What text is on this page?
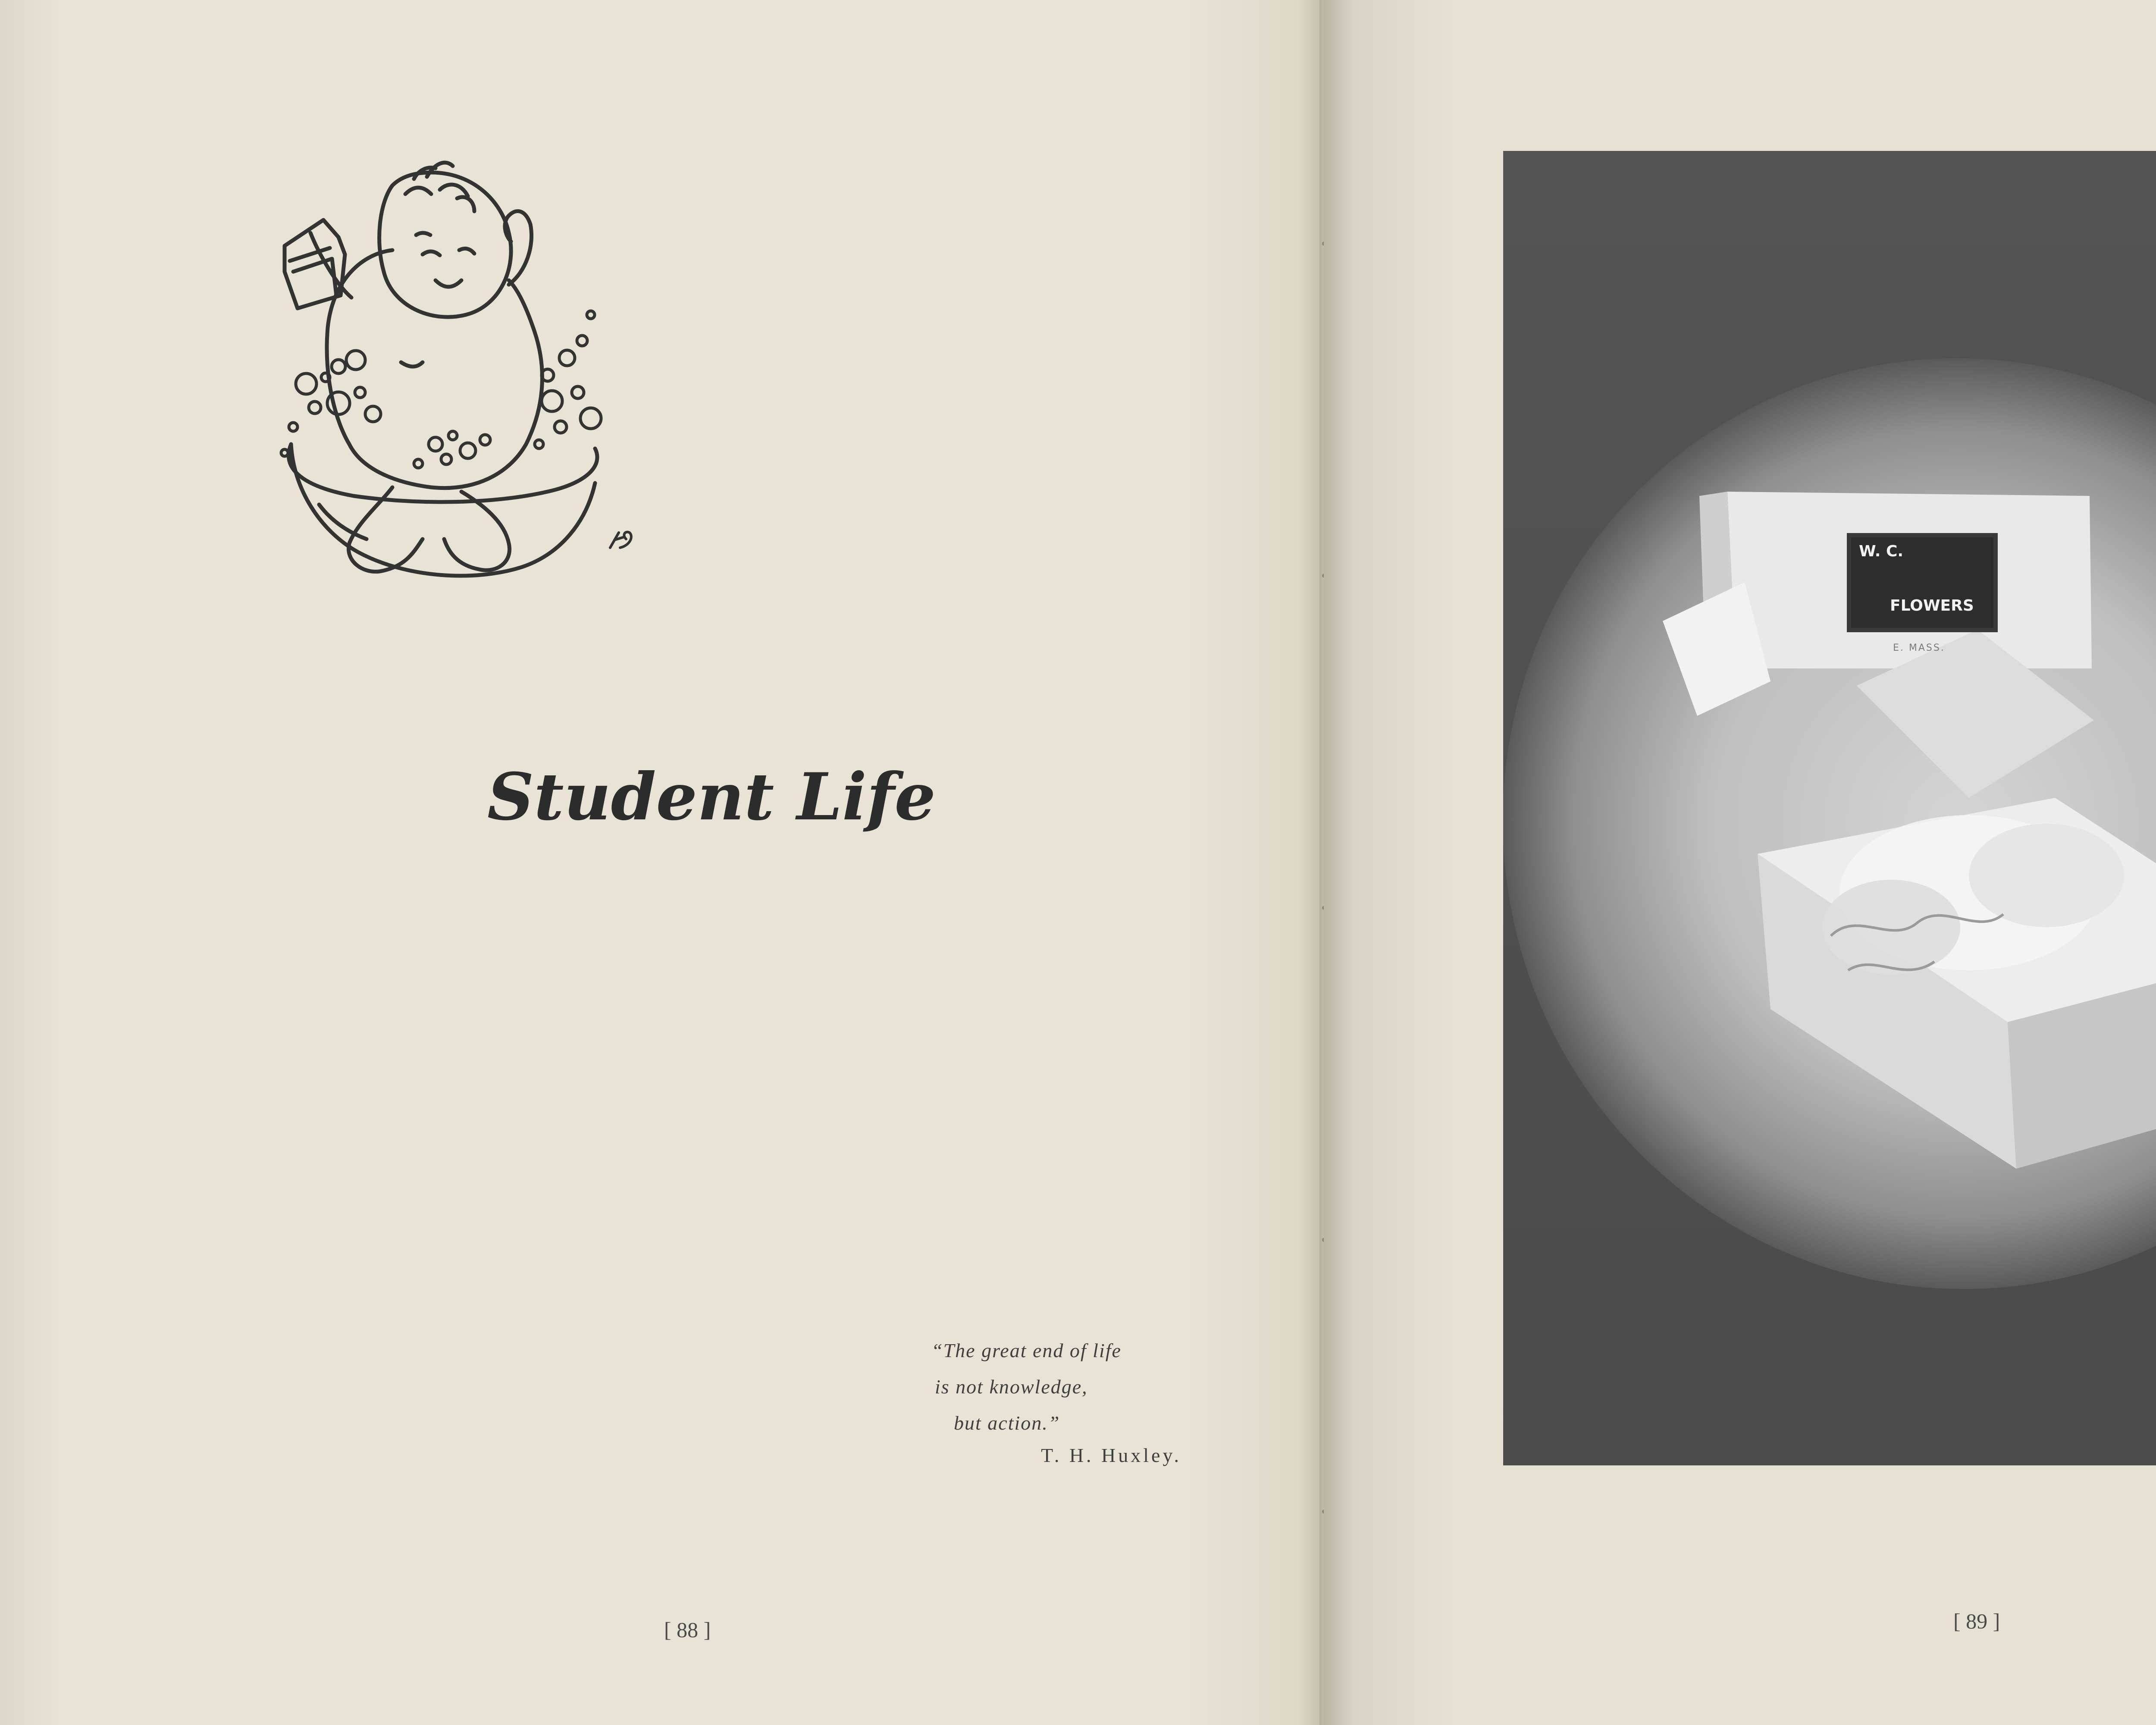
Student Life
“The great end of life
is not knowledge,
but action.”
T. H. Huxley.
[ 88 ]	[ 89 ]
W. C.
FLOWERS
E. MASS.
